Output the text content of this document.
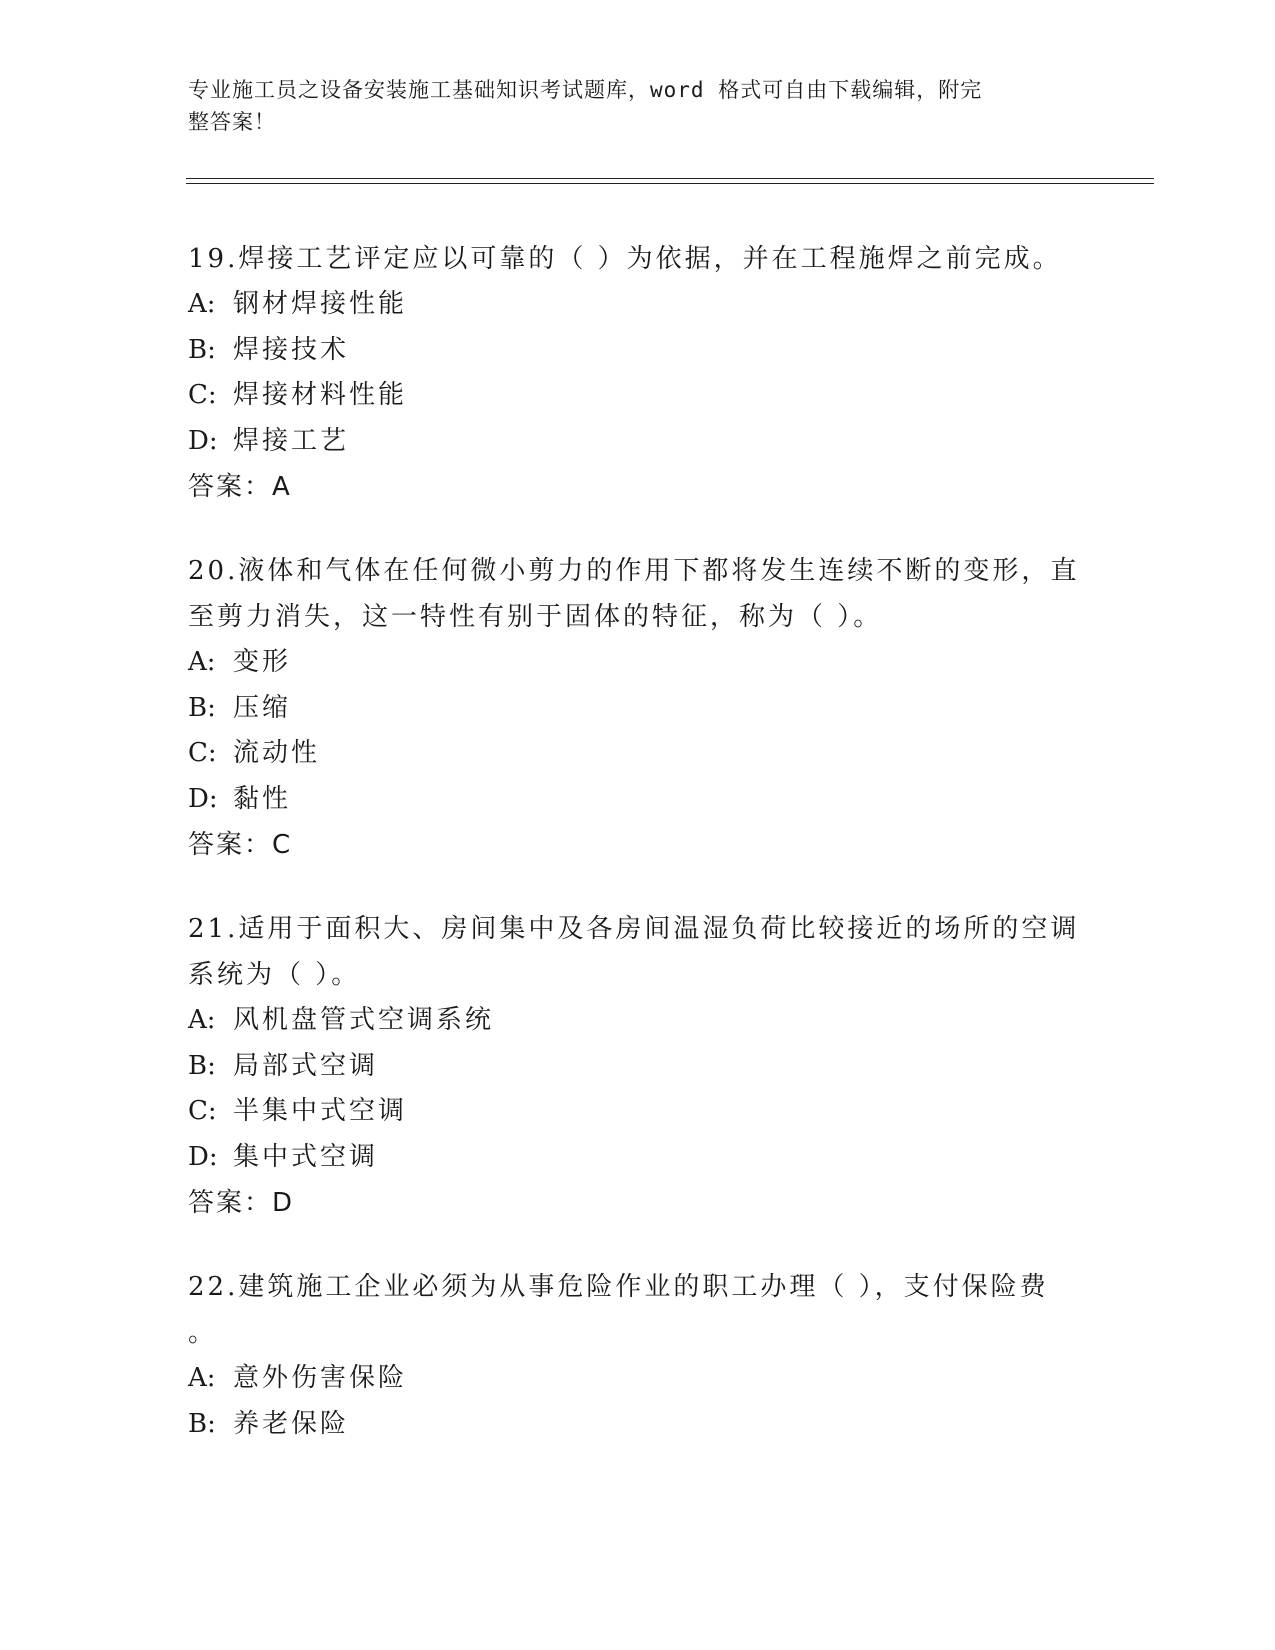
专业施工员之设备安装施工基础知识考试题库，word 格式可自由下载编辑，附完
整答案！

19.焊接工艺评定应以可靠的（ ）为依据，并在工程施焊之前完成。

A: 钢材焊接性能

B: 焊接技术

C: 焊接材料性能

D: 焊接工艺

答案：A

20.液体和气体在任何微小剪力的作用下都将发生连续不断的变形，直

至剪力消失，这一特性有别于固体的特征，称为（ ）。

A: 变形

B: 压缩

C: 流动性

D: 黏性

答案：C

21.适用于面积大、房间集中及各房间温湿负荷比较接近的场所的空调

系统为（ ）。

A: 风机盘管式空调系统

B: 局部式空调

C: 半集中式空调

D: 集中式空调

答案：D

22.建筑施工企业必须为从事危险作业的职工办理（ ），支付保险费

。

A: 意外伤害保险

B: 养老保险
